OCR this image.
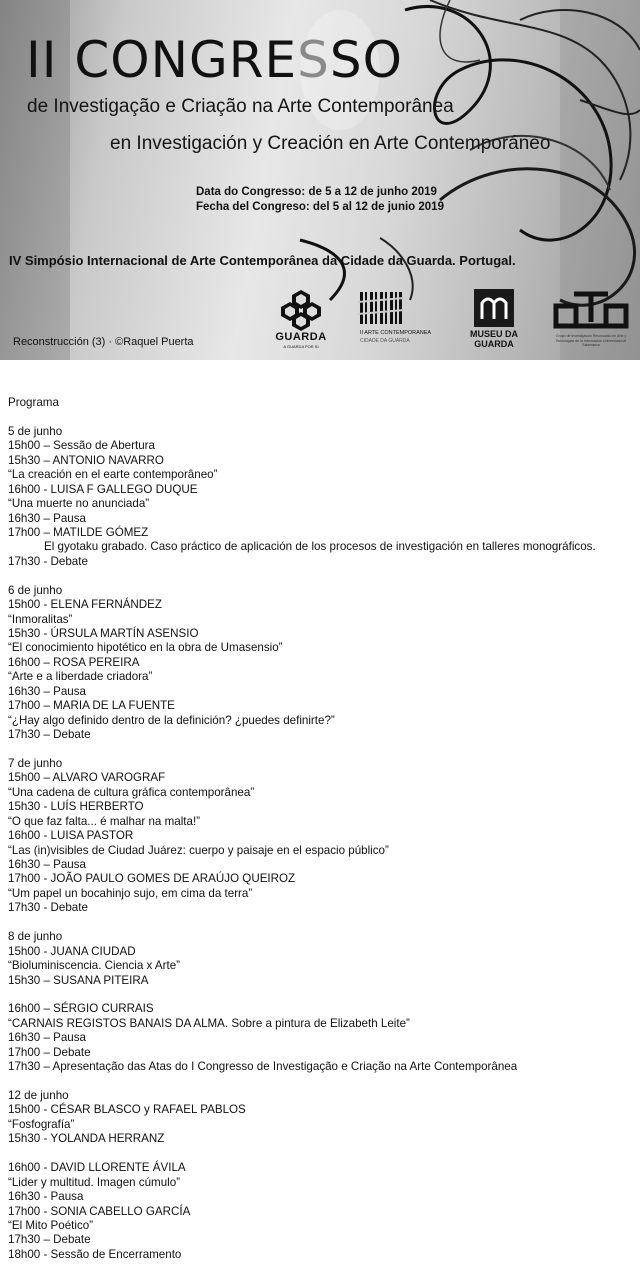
II CONGRESSO
de Investigação e Criação na Arte Contemporânea
en Investigación y Creación en Arte Contemporáneo
Data do Congresso: de 5 a 12 de junho 2019
Fecha del Congreso: del 5 al 12 de junio 2019
IV Simpósio Internacional de Arte Contemporânea da Cidade da Guarda. Portugal.
Reconstrucción (3) · ©Raquel Puerta	GUARDA
A GUARDA POR SI
II ARTE CONTEMPORANEA
CIDADE DA GUARDA
MUSEU DA
GUARDA
Grupo de Investigación Reconocido en Arte y Tecnologías de la Información Universidad de Salamanca
Programa
5 de junho
15h00 – Sessão de Abertura
15h30 – ANTONIO NAVARRO
“La creación en el earte contemporâneo”
16h00 - LUISA F GALLEGO DUQUE
“Una muerte no anunciada”
16h30 – Pausa
17h00 – MATILDE GÓMEZ
El gyotaku grabado. Caso práctico de aplicación de los procesos de investigación en talleres monográficos.
17h30 - Debate
6 de junho
15h00 - ELENA FERNÁNDEZ
“Inmoralitas”
15h30 - ÚRSULA MARTÍN ASENSIO
“El conocimiento hipotético en la obra de Umasensio”
16h00 – ROSA PEREIRA
“Arte e a liberdade criadora”
16h30 – Pausa
17h00 – MARIA DE LA FUENTE
“¿Hay algo definido dentro de la definición? ¿puedes definirte?”
17h30 – Debate
7 de junho
15h00 – ALVARO VAROGRAF
“Una cadena de cultura gráfica contemporânea”
15h30 - LUÍS HERBERTO
“O que faz falta... é malhar na malta!”
16h00 - LUISA PASTOR
“Las (in)visibles de Ciudad Juárez: cuerpo y paisaje en el espacio público”
16h30 – Pausa
17h00 - JOÃO PAULO GOMES DE ARAÚJO QUEIROZ
“Um papel un bocahinjo sujo, em cima da terra”
17h30 - Debate
8 de junho
15h00 - JUANA CIUDAD
“Bioluminiscencia. Ciencia x Arte”
15h30 – SUSANA PITEIRA
16h00 – SÉRGIO CURRAIS
“CARNAIS REGISTOS BANAIS DA ALMA. Sobre a pintura de Elizabeth Leite”
16h30 – Pausa
17h00 – Debate
17h30 – Apresentação das Atas do I Congresso de Investigação e Criação na Arte Contemporânea
12 de junho
15h00 - CÉSAR BLASCO y RAFAEL PABLOS
“Fosfografía”
15h30 - YOLANDA HERRANZ
16h00 - DAVID LLORENTE ÁVILA
“Lider y multitud. Imagen cúmulo”
16h30 - Pausa
17h00 - SONIA CABELLO GARCÍA
“El Mito Poético”
17h30 – Debate
18h00 - Sessão de Encerramento
